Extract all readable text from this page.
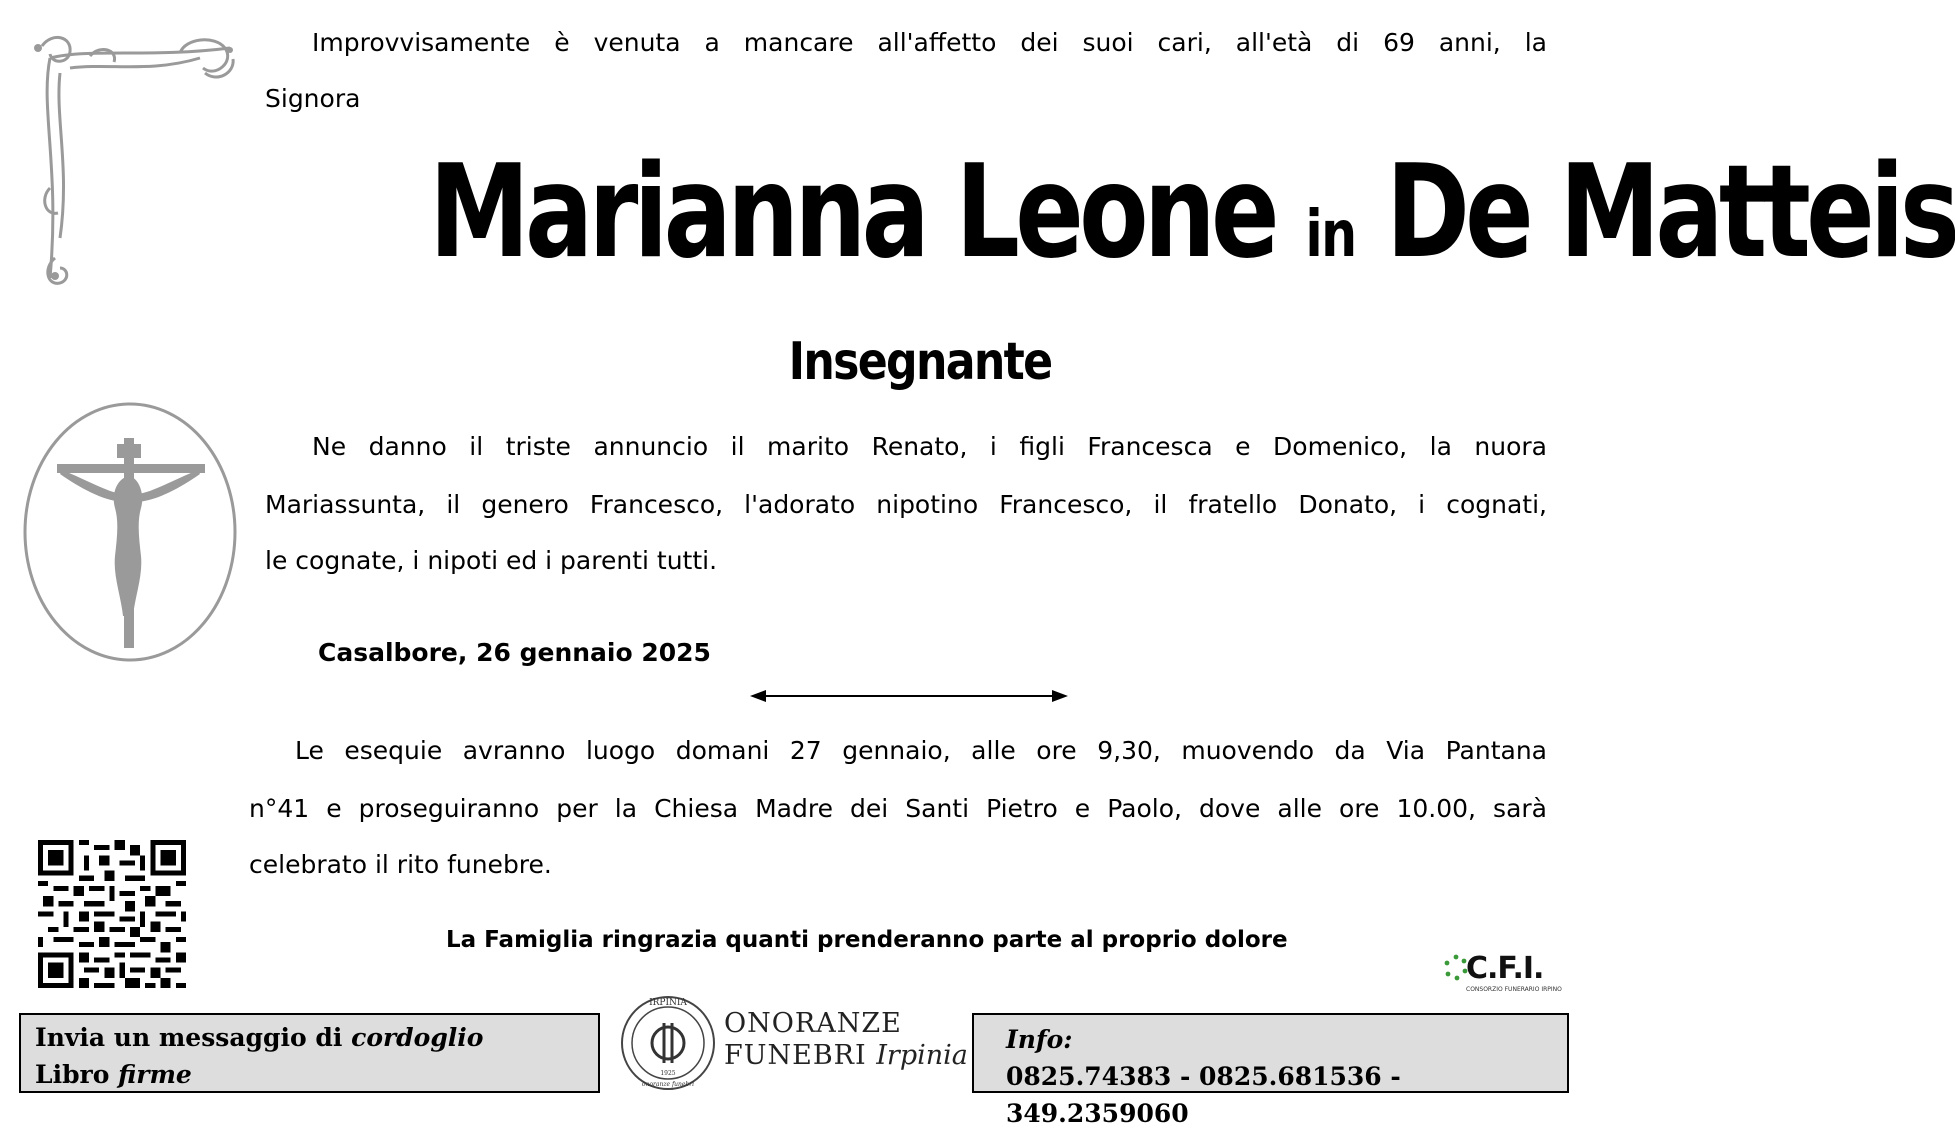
Improvvisamente è venuta a mancare all'affetto dei suoi cari, all'età di 69 anni, la
Signora
Marianna Leone in De Matteis
Insegnante
Ne danno il triste annuncio il marito Renato, i figli Francesca e Domenico, la nuora
Mariassunta, il genero Francesco, l'adorato nipotino Francesco, il fratello Donato, i cognati,
le cognate, i nipoti ed i parenti tutti.
Casalbore, 26 gennaio 2025
Le esequie avranno luogo domani 27 gennaio, alle ore 9,30, muovendo da Via Pantana
n°41 e proseguiranno per la Chiesa Madre dei Santi Pietro e Paolo, dove alle ore 10.00, sarà
celebrato il rito funebre.
La Famiglia ringrazia quanti prenderanno parte al proprio dolore
C.F.I.
CONSORZIO FUNERARIO IRPINO
Invia un messaggio di cordoglio
Libro firme
IRPINIA
1925
onoranze funebri
ONORANZE
FUNEBRI Irpinia
Info:
0825.74383 - 0825.681536 - 349.2359060
